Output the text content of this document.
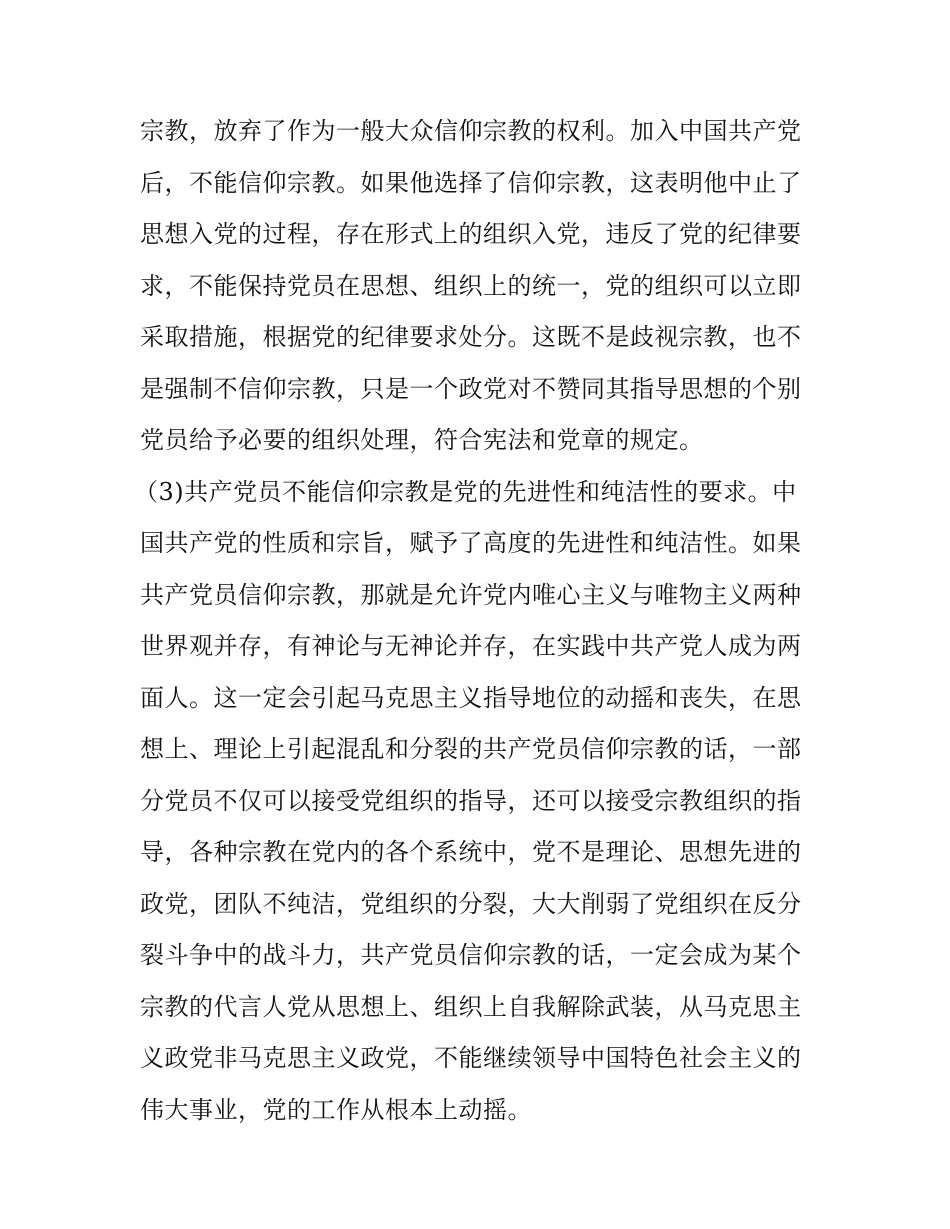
宗教，放弃了作为一般大众信仰宗教的权利。加入中国共产党
后，不能信仰宗教。如果他选择了信仰宗教，这表明他中止了
思想入党的过程，存在形式上的组织入党，违反了党的纪律要
求，不能保持党员在思想、组织上的统一，党的组织可以立即
采取措施，根据党的纪律要求处分。这既不是歧视宗教，也不
是强制不信仰宗教，只是一个政党对不赞同其指导思想的个别
党员给予必要的组织处理，符合宪法和党章的规定。
（3)共产党员不能信仰宗教是党的先进性和纯洁性的要求。中
国共产党的性质和宗旨，赋予了高度的先进性和纯洁性。如果
共产党员信仰宗教，那就是允许党内唯心主义与唯物主义两种
世界观并存，有神论与无神论并存，在实践中共产党人成为两
面人。这一定会引起马克思主义指导地位的动摇和丧失，在思
想上、理论上引起混乱和分裂的共产党员信仰宗教的话，一部
分党员不仅可以接受党组织的指导，还可以接受宗教组织的指
导，各种宗教在党内的各个系统中，党不是理论、思想先进的
政党，团队不纯洁，党组织的分裂，大大削弱了党组织在反分
裂斗争中的战斗力，共产党员信仰宗教的话，一定会成为某个
宗教的代言人党从思想上、组织上自我解除武装，从马克思主
义政党非马克思主义政党，不能继续领导中国特色社会主义的
伟大事业，党的工作从根本上动摇。
